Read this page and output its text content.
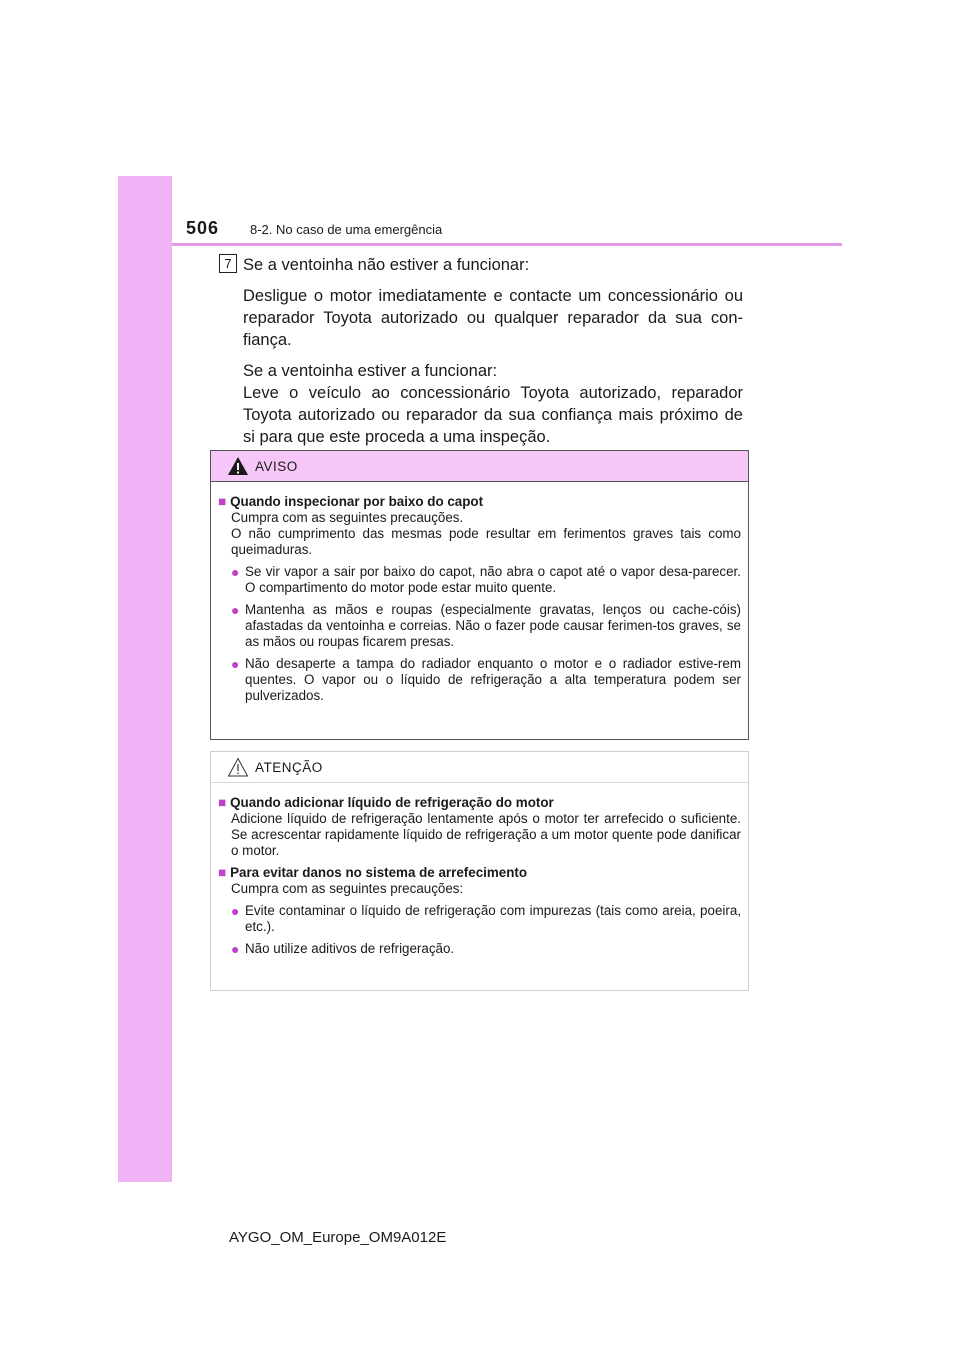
506 8-2. No caso de uma emergência
7 Se a ventoinha não estiver a funcionar:

Desligue o motor imediatamente e contacte um concessionário ou reparador Toyota autorizado ou qualquer reparador da sua con-fiança.

Se a ventoinha estiver a funcionar:

Leve o veículo ao concessionário Toyota autorizado, reparador Toyota autorizado ou reparador da sua confiança mais próximo de si para que este proceda a uma inspeção.

AVISO
■ Quando inspecionar por baixo do capot
Cumpra com as seguintes precauções.
O não cumprimento das mesmas pode resultar em ferimentos graves tais como queimaduras.
● Se vir vapor a sair por baixo do capot, não abra o capot até o vapor desa-parecer. O compartimento do motor pode estar muito quente.
● Mantenha as mãos e roupas (especialmente gravatas, lenços ou cache-cóis) afastadas da ventoinha e correias. Não o fazer pode causar ferimen-tos graves, se as mãos ou roupas ficarem presas.
● Não desaperte a tampa do radiador enquanto o motor e o radiador estive-rem quentes. O vapor ou o líquido de refrigeração a alta temperatura podem ser pulverizados.
ATENÇÃO
■ Quando adicionar líquido de refrigeração do motor
Adicione líquido de refrigeração lentamente após o motor ter arrefecido o suficiente. Se acrescentar rapidamente líquido de refrigeração a um motor quente pode danificar o motor.
■ Para evitar danos no sistema de arrefecimento
Cumpra com as seguintes precauções:
● Evite contaminar o líquido de refrigeração com impurezas (tais como areia, poeira, etc.).
● Não utilize aditivos de refrigeração.
AYGO_OM_Europe_OM9A012E
